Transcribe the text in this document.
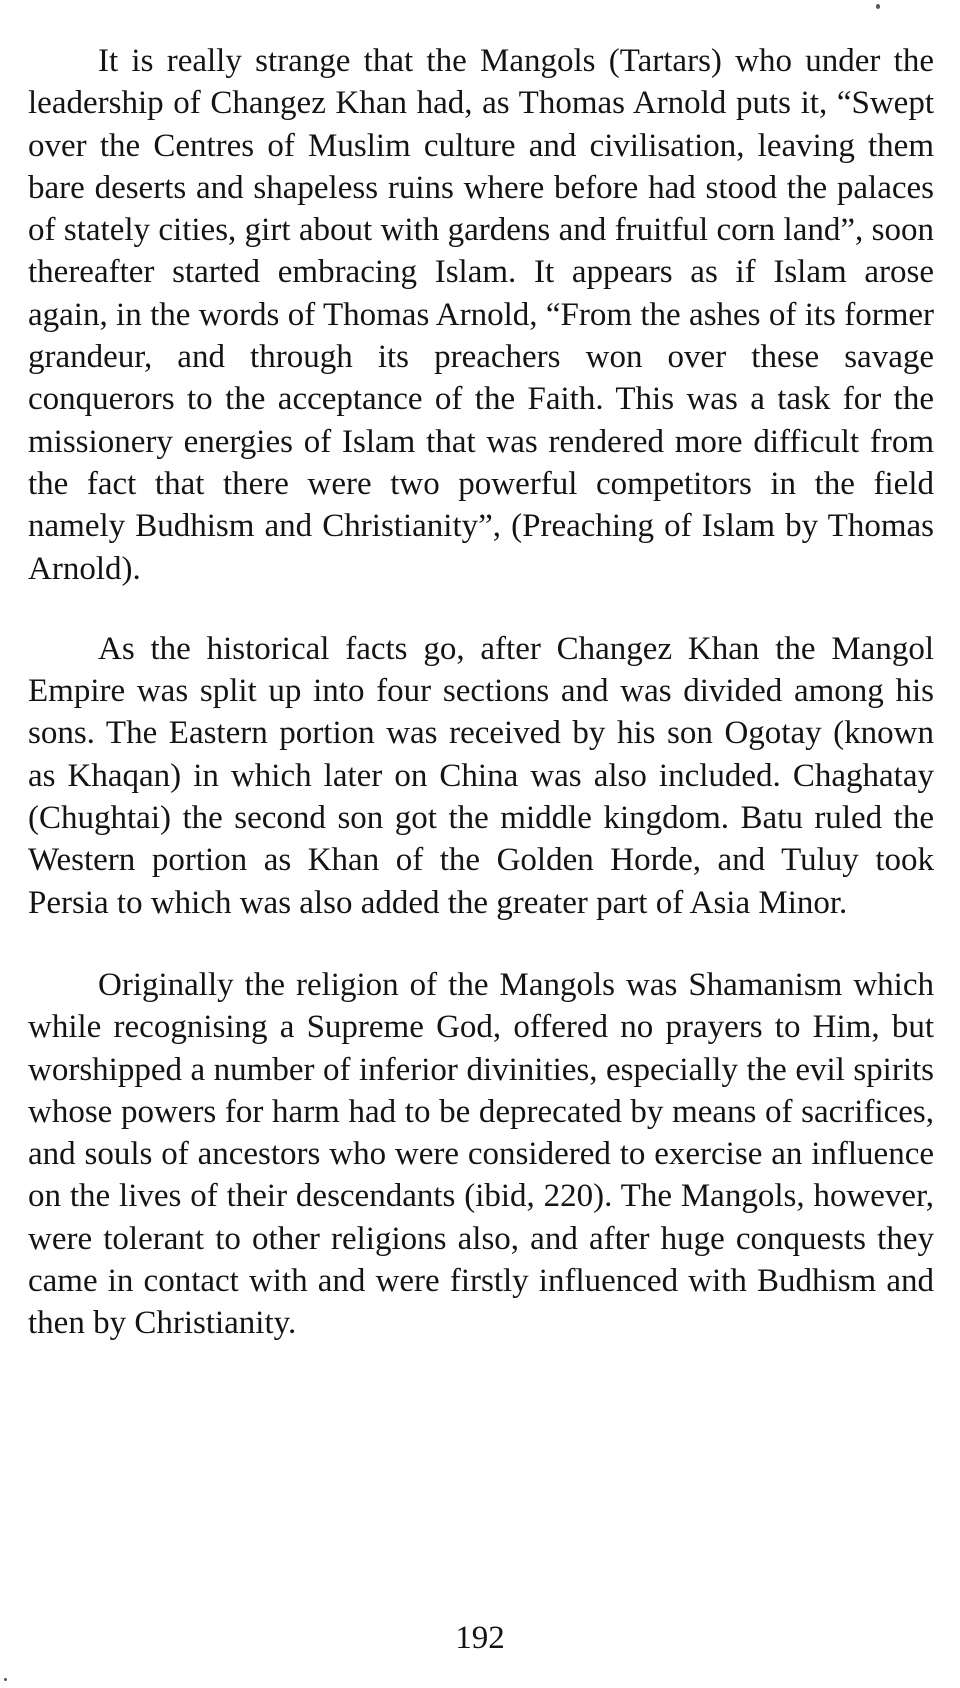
It is really strange that the Mangols (Tartars) who under the leadership of Changez Khan had, as Thomas Arnold puts it, “Swept over the Centres of Muslim culture and civilisation, leaving them bare deserts and shapeless ruins where before had stood the palaces of stately cities, girt about with gardens and fruitful corn land”, soon thereafter started embracing Islam. It appears as if Islam arose again, in the words of Thomas Arnold, “From the ashes of its former grandeur, and through its preachers won over these savage conquerors to the acceptance of the Faith. This was a task for the missionery energies of Islam that was rendered more difficult from the fact that there were two powerful competitors in the field namely Budhism and Christianity”, (Preaching of Islam by Thomas Arnold).

As the historical facts go, after Changez Khan the Mangol Empire was split up into four sections and was divided among his sons. The Eastern portion was received by his son Ogotay (known as Khaqan) in which later on China was also included. Chaghatay (Chughtai) the second son got the middle kingdom. Batu ruled the Western portion as Khan of the Golden Horde, and Tuluy took Persia to which was also added the greater part of Asia Minor.

Originally the religion of the Mangols was Shamanism which while recognising a Supreme God, offered no prayers to Him, but worshipped a number of inferior divinities, especially the evil spirits whose powers for harm had to be deprecated by means of sacrifices, and souls of ancestors who were considered to exercise an influence on the lives of their descendants (ibid, 220). The Mangols, however, were tolerant to other religions also, and after huge conquests they came in contact with and were firstly influenced with Budhism and then by Christianity.

192
